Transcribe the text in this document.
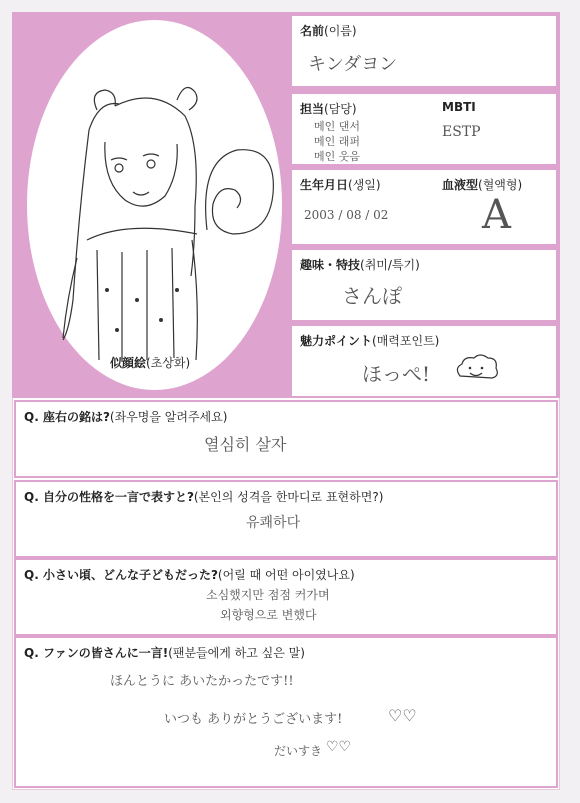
似顔絵(초상화)
名前(이름)
キンダヨン
担当(담당)
메인 댄서
메인 래퍼
메인 웃음
MBTI
ESTP
生年月日(생일)
2003 / 08 / 02
血液型(혈액형)
A
趣味・特技(취미/특기)
さんぽ
魅力ポイント(매력포인트)
ほっぺ!
Q. 座右の銘は?(좌우명을 알려주세요)
열심히 살자
Q. 自分の性格を一言で表すと?(본인의 성격을 한마디로 표현하면?)
유쾌하다
Q. 小さい頃、どんな子どもだった?(어릴 때 어떤 아이였나요)
소심했지만 점점 커가며
외향형으로 변했다
Q. ファンの皆さんに一言!(팬분들에게 하고 싶은 말)
ほんとうに あいたかったです!!
いつも ありがとうございます!	♡♡
だいすき ♡♡
